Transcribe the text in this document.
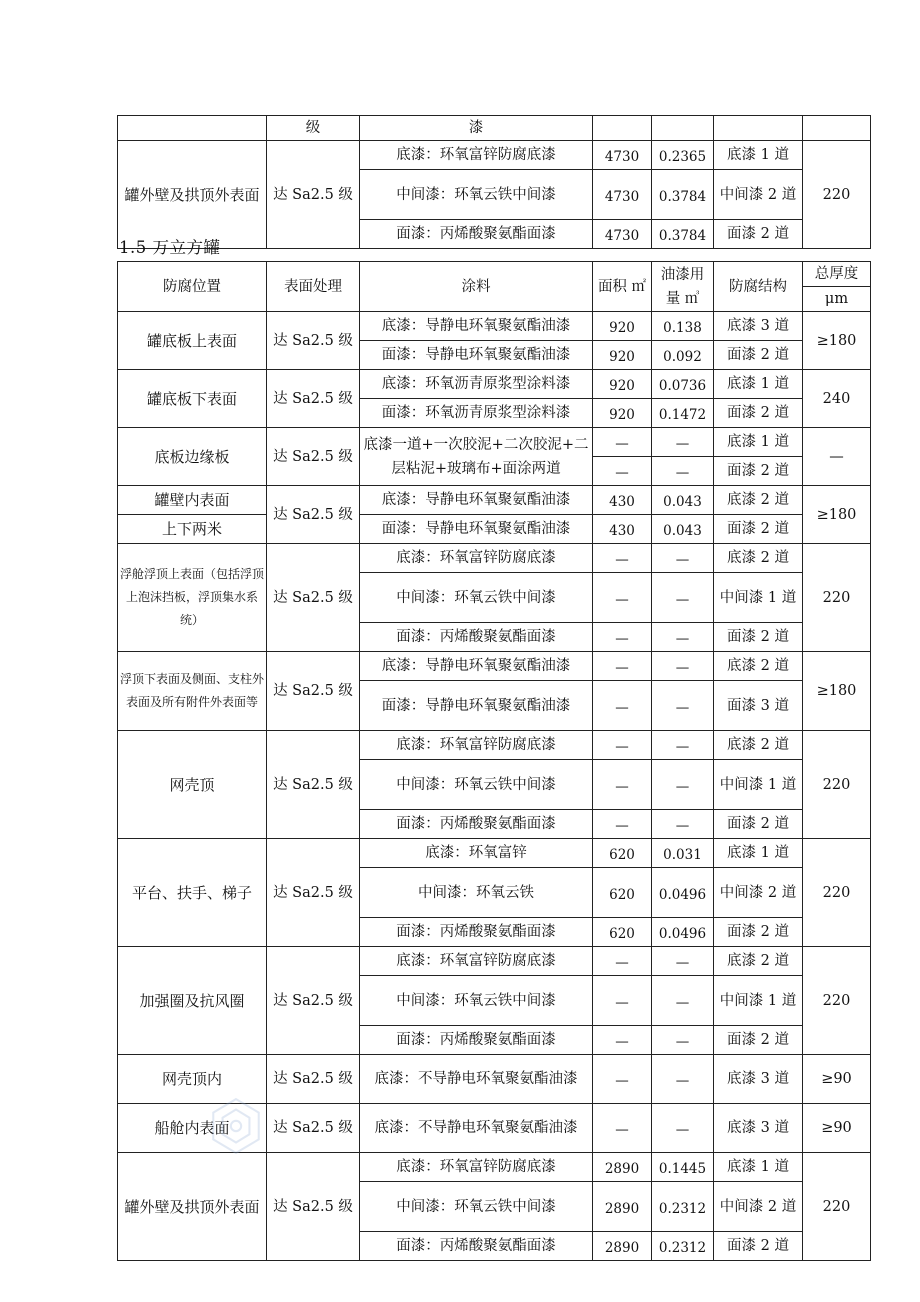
	级	漆				
罐外壁及拱顶外表面	达 Sa2.5 级	底漆：环氧富锌防腐底漆	4730	0.2365	底漆 1 道	220
		中间漆：环氧云铁中间漆	4730	0.3784	中间漆 2 道	
		面漆：丙烯酸聚氨酯面漆	4730	0.3784	面漆 2 道	
1.5 万立方罐
防腐位置	表面处理	涂料	面积 ㎡	油漆用量 ㎥	防腐结构	总厚度
						μm
罐底板上表面	达 Sa2.5 级	底漆：导静电环氧聚氨酯油漆	920	0.138	底漆 3 道	≥180
		面漆：导静电环氧聚氨酯油漆	920	0.092	面漆 2 道	
罐底板下表面	达 Sa2.5 级	底漆：环氧沥青原浆型涂料漆	920	0.0736	底漆 1 道	240
		面漆：环氧沥青原浆型涂料漆	920	0.1472	面漆 2 道	
底板边缘板	达 Sa2.5 级	底漆一道+一次胶泥+二次胶泥+二层粘泥+玻璃布+面涂两道	—	—	底漆 1 道	—
			—	—	面漆 2 道	
罐壁内表面	达 Sa2.5 级	底漆：导静电环氧聚氨酯油漆	430	0.043	底漆 2 道	≥180
上下两米		面漆：导静电环氧聚氨酯油漆	430	0.043	面漆 2 道	
浮舱浮顶上表面（包括浮顶上泡沫挡板，浮顶集水系统）	达 Sa2.5 级	底漆：环氧富锌防腐底漆	—	—	底漆 2 道	220
		中间漆：环氧云铁中间漆	—	—	中间漆 1 道	
		面漆：丙烯酸聚氨酯面漆	—	—	面漆 2 道	
浮顶下表面及侧面、支柱外表面及所有附件外表面等	达 Sa2.5 级	底漆：导静电环氧聚氨酯油漆	—	—	底漆 2 道	≥180
		面漆：导静电环氧聚氨酯油漆	—	—	面漆 3 道	
网壳顶	达 Sa2.5 级	底漆：环氧富锌防腐底漆	—	—	底漆 2 道	220
		中间漆：环氧云铁中间漆	—	—	中间漆 1 道	
		面漆：丙烯酸聚氨酯面漆	—	—	面漆 2 道	
平台、扶手、梯子	达 Sa2.5 级	底漆：环氧富锌	620	0.031	底漆 1 道	220
		中间漆：环氧云铁	620	0.0496	中间漆 2 道	
		面漆：丙烯酸聚氨酯面漆	620	0.0496	面漆 2 道	
加强圈及抗风圈	达 Sa2.5 级	底漆：环氧富锌防腐底漆	—	—	底漆 2 道	220
		中间漆：环氧云铁中间漆	—	—	中间漆 1 道	
		面漆：丙烯酸聚氨酯面漆	—	—	面漆 2 道	
网壳顶内	达 Sa2.5 级	底漆：不导静电环氧聚氨酯油漆	—	—	底漆 3 道	≥90
船舱内表面	达 Sa2.5 级	底漆：不导静电环氧聚氨酯油漆	—	—	底漆 3 道	≥90
罐外壁及拱顶外表面	达 Sa2.5 级	底漆：环氧富锌防腐底漆	2890	0.1445	底漆 1 道	220
		中间漆：环氧云铁中间漆	2890	0.2312	中间漆 2 道	
		面漆：丙烯酸聚氨酯面漆	2890	0.2312	面漆 2 道	
